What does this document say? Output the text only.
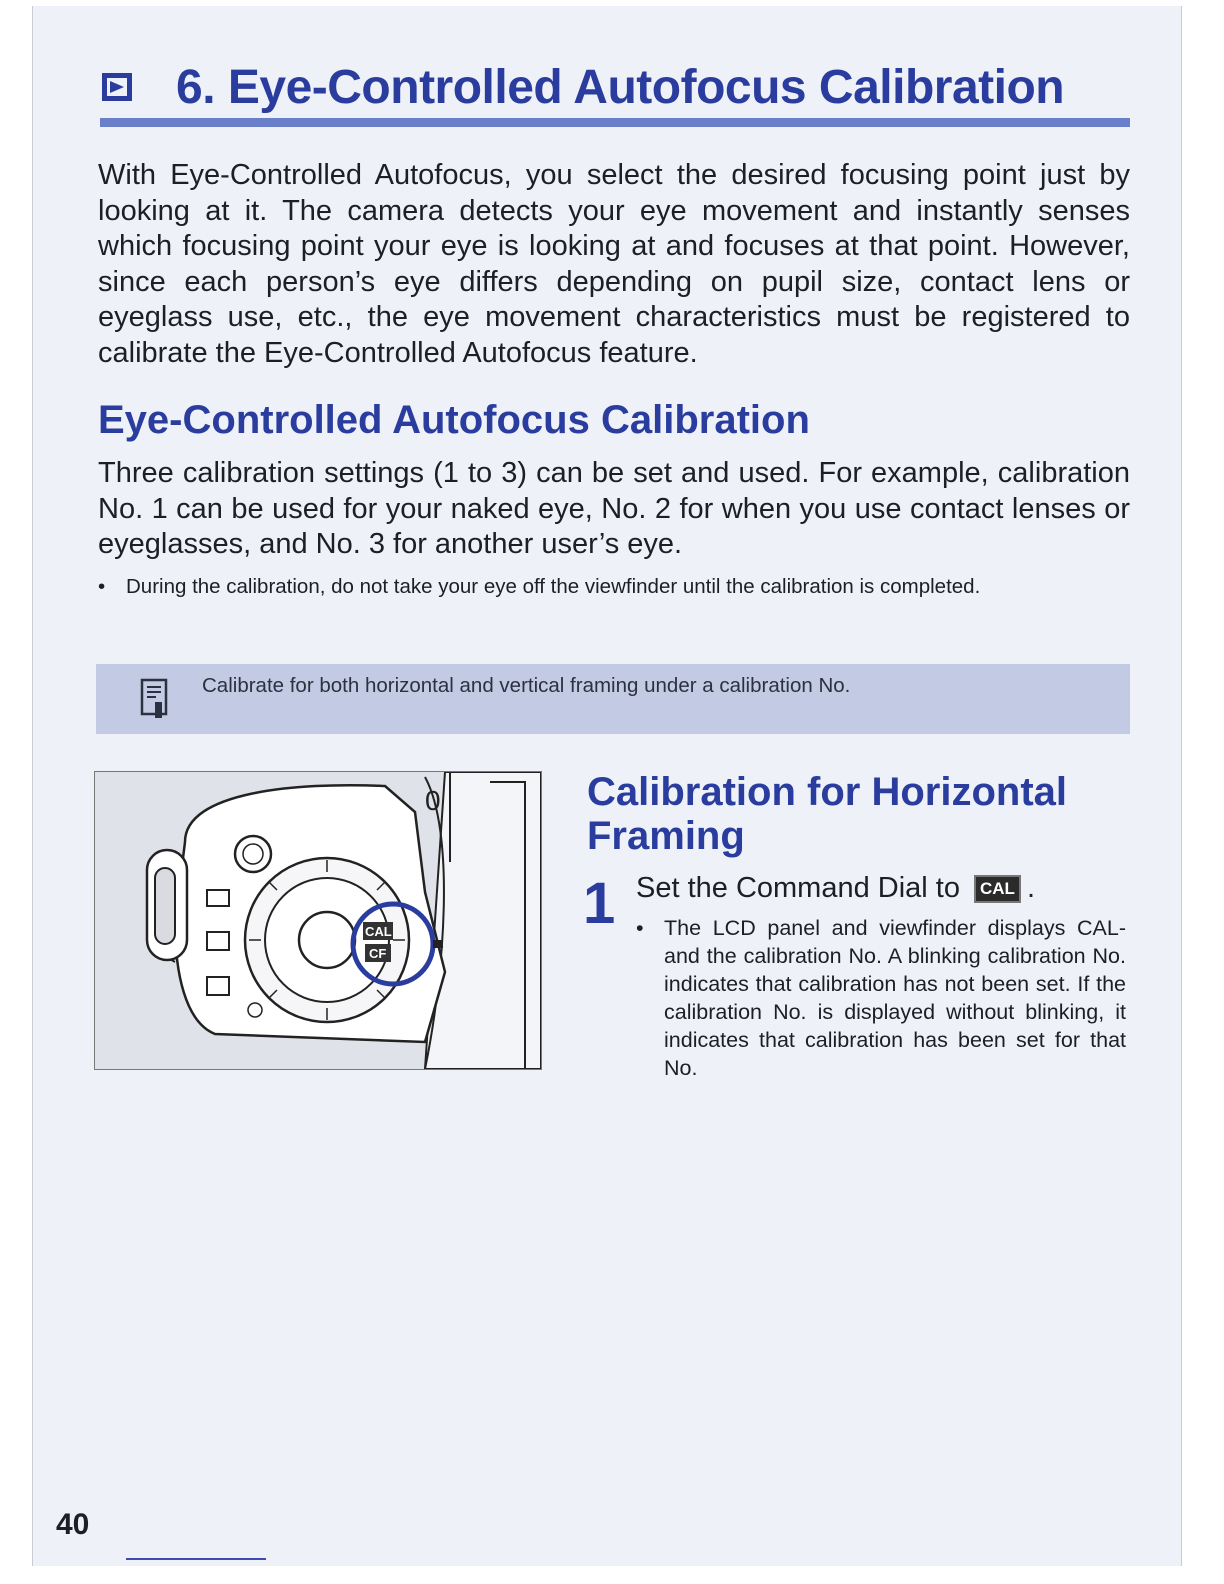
6. Eye-Controlled Autofocus Calibration

With Eye-Controlled Autofocus, you select the desired focusing point just by looking at it. The camera detects your eye movement and instantly senses which focusing point your eye is looking at and focuses at that point. However, since each person’s eye differs depending on pupil size, contact lens or eyeglass use, etc., the eye movement characteristics must be registered to calibrate the Eye-Controlled Autofocus feature.

Eye-Controlled Autofocus Calibration

Three calibration settings (1 to 3) can be set and used. For example, calibration No. 1 can be used for your naked eye, No. 2 for when you use contact lenses or eyeglasses, and No. 3 for another user’s eye.

•	During the calibration, do not take your eye off the viewfinder until the calibration is completed.
Calibrate for both horizontal and vertical framing under a calibration No.
0
CAL
CF
Calibration for Horizontal Framing
1 Set the Command Dial to	CAL .
• The LCD panel and viewfinder displays CAL- and the calibration No. A blinking calibration No. indicates that calibration has not been set. If the calibration No. is displayed without blinking, it indicates that calibration has been set for that No.
40
